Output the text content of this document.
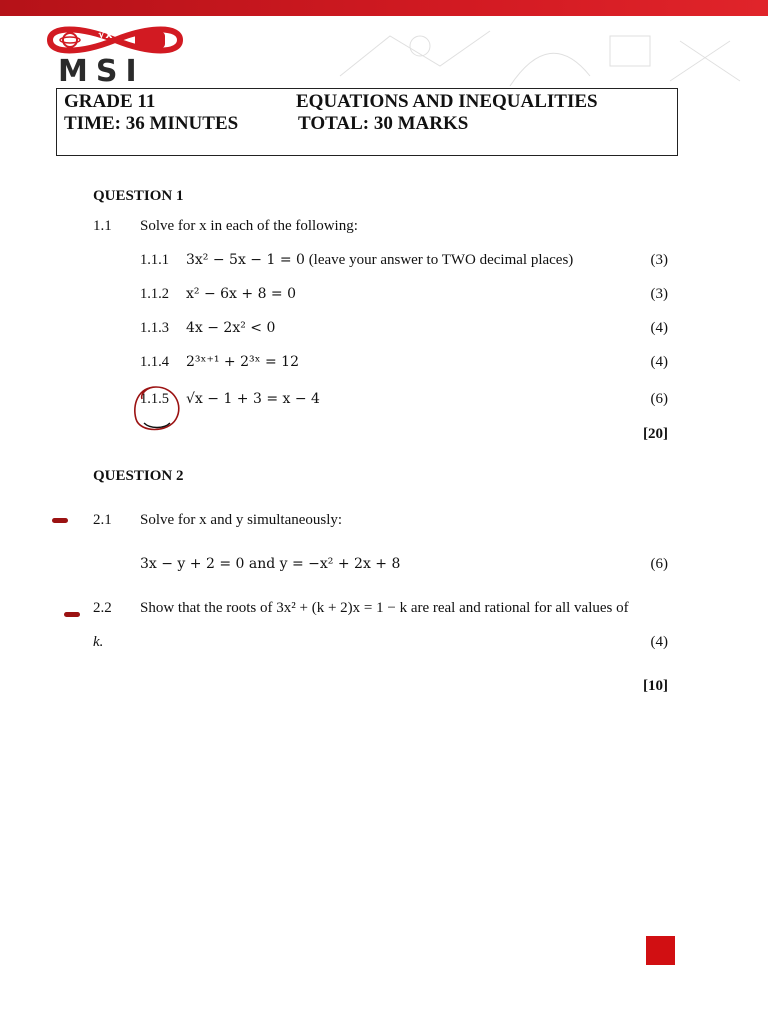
√x
MSI
GRADE 11	EQUATIONS AND INEQUALITIES
TIME: 36 MINUTES	TOTAL: 30 MARKS
QUESTION 1
1.1 Solve for x in each of the following:
1.1.1 3x² − 5x − 1 = 0 (leave your answer to TWO decimal places)	(3)
1.1.2 x² − 6x + 8 = 0	(3)
1.1.3 4x − 2x² < 0	(4)
1.1.4 2³ˣ⁺¹ + 2³ˣ = 12	(4)
1.1.5 √x − 1 + 3 = x − 4	(6)
[20]
QUESTION 2
2.1 Solve for x and y simultaneously:
3x − y + 2 = 0 and y = −x² + 2x + 8	(6)
2.2 Show that the roots of 3x² + (k + 2)x = 1 − k are real and rational for all values of
k.	(4)
[10]
